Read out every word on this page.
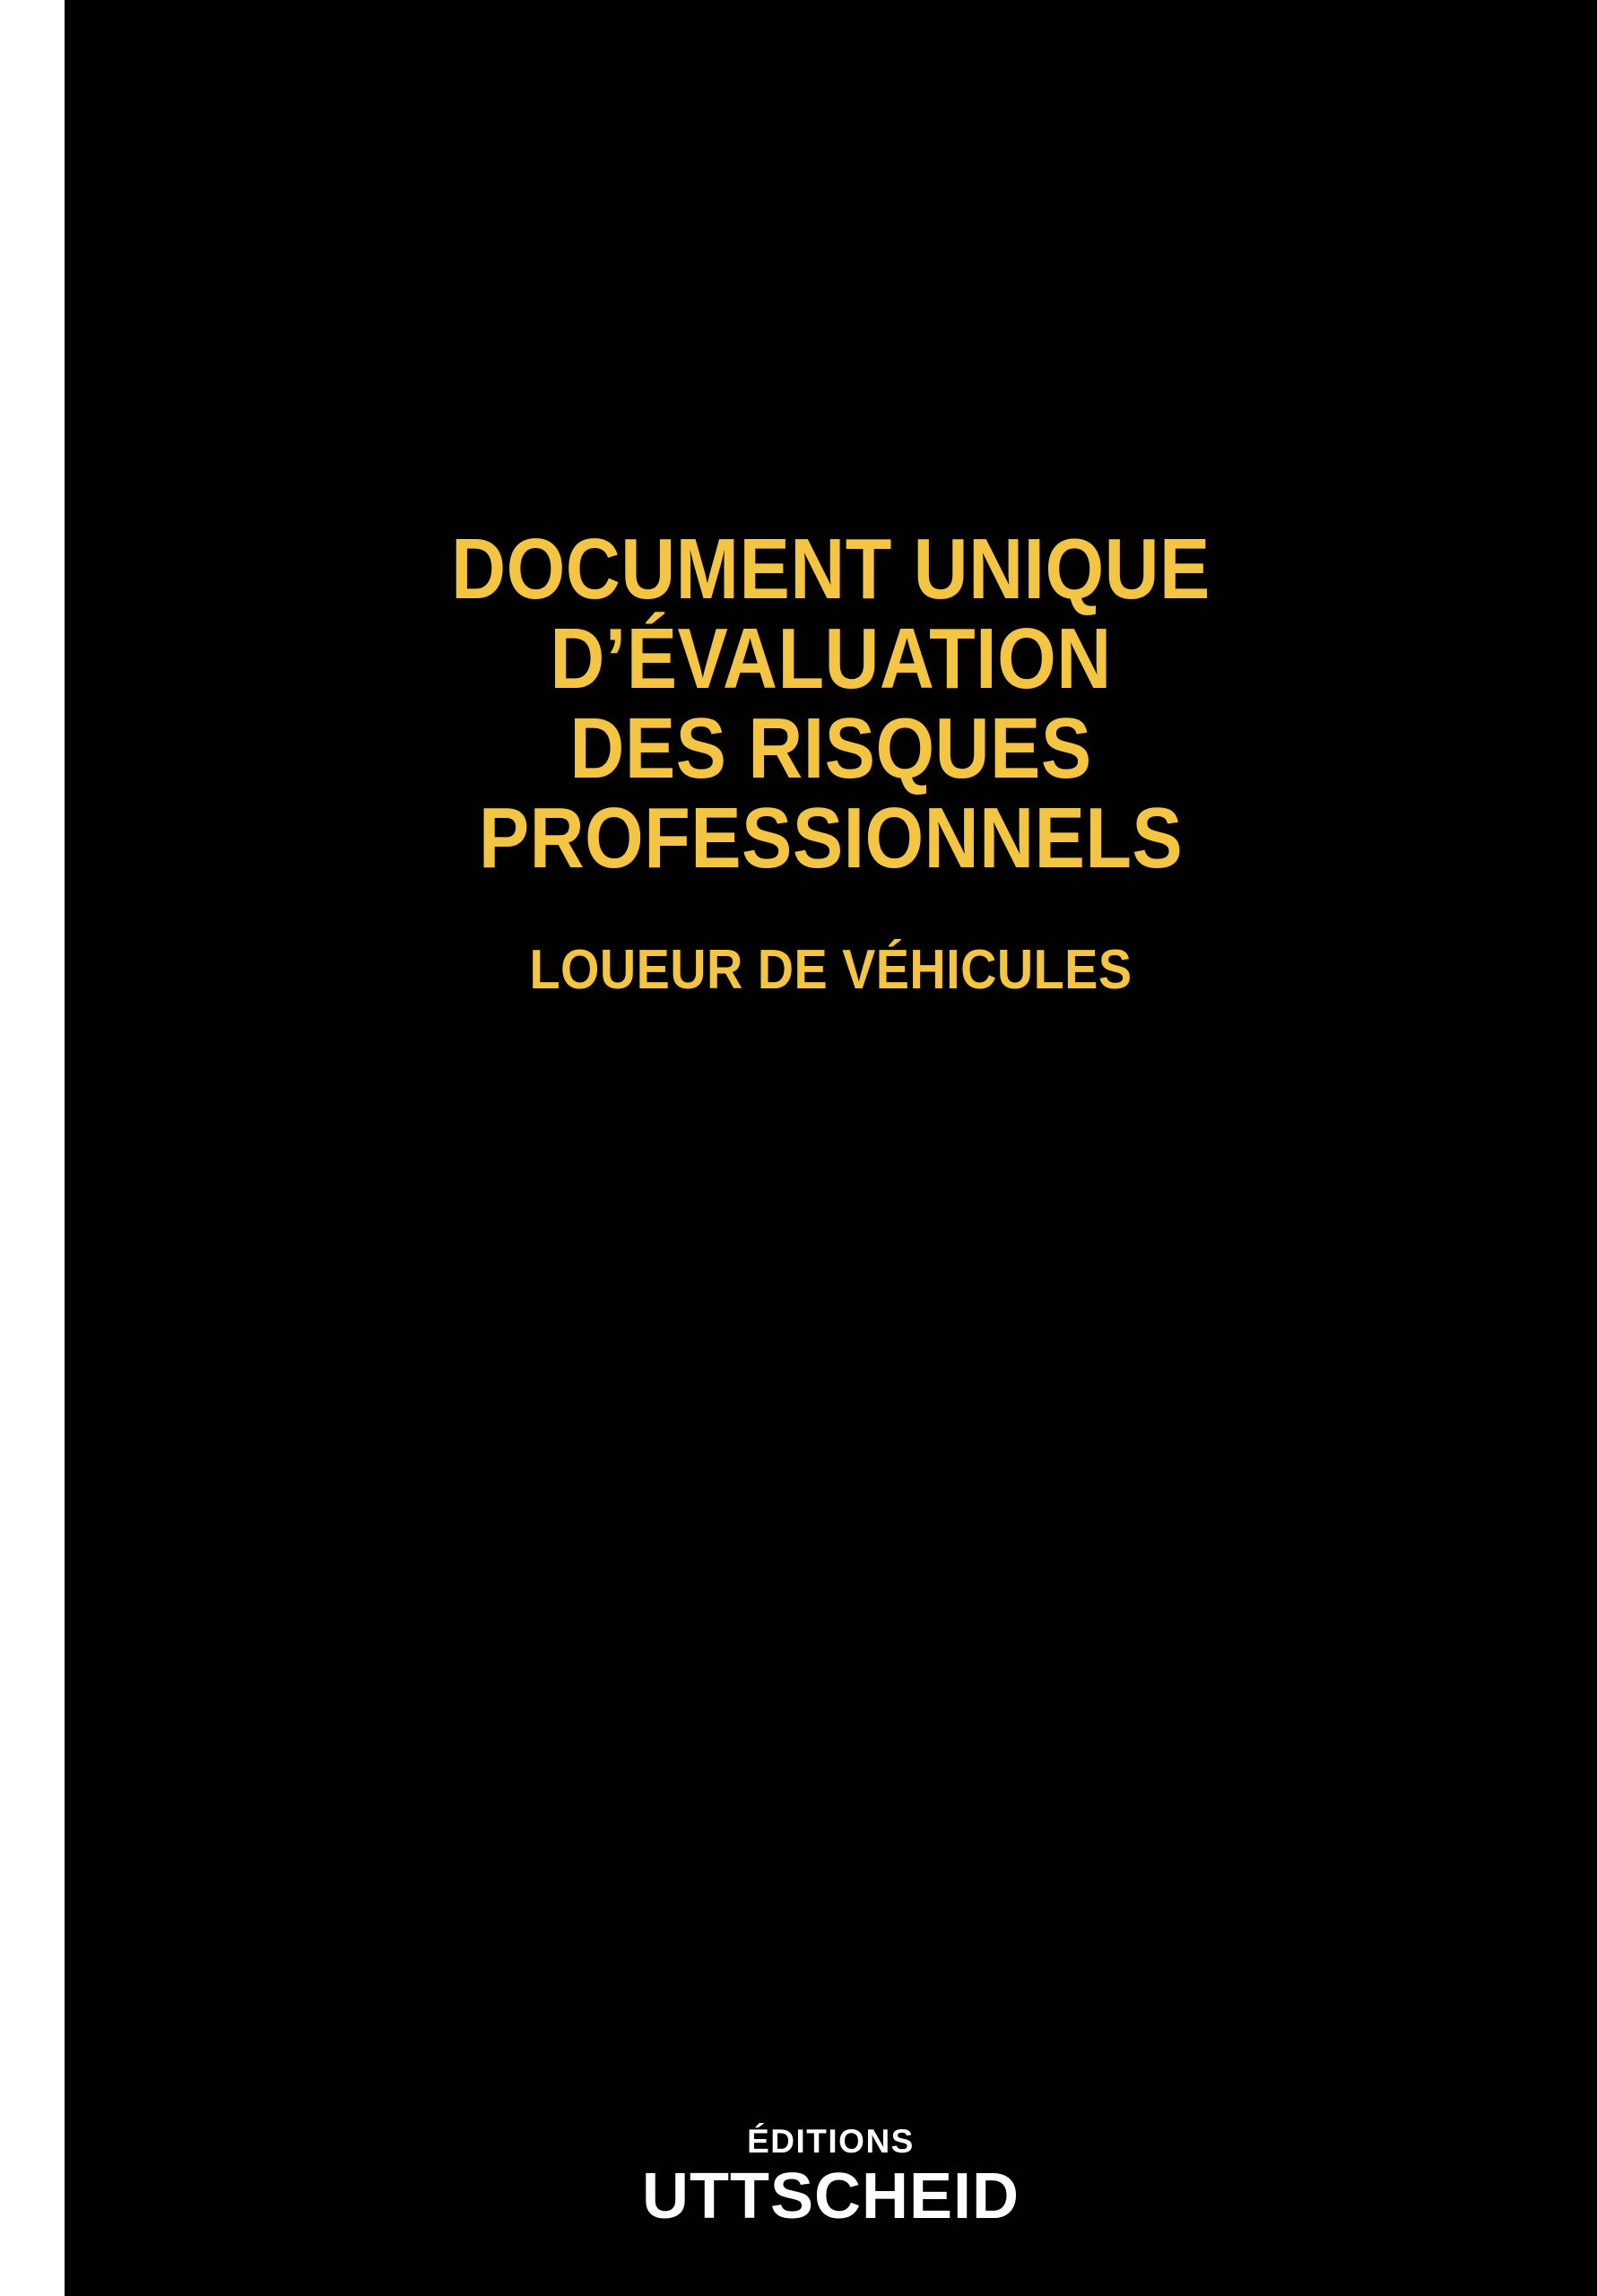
DOCUMENT UNIQUE
D’ÉVALUATION
DES RISQUES
PROFESSIONNELS
LOUEUR DE VÉHICULES
ÉDITIONS
UTTSCHEID
